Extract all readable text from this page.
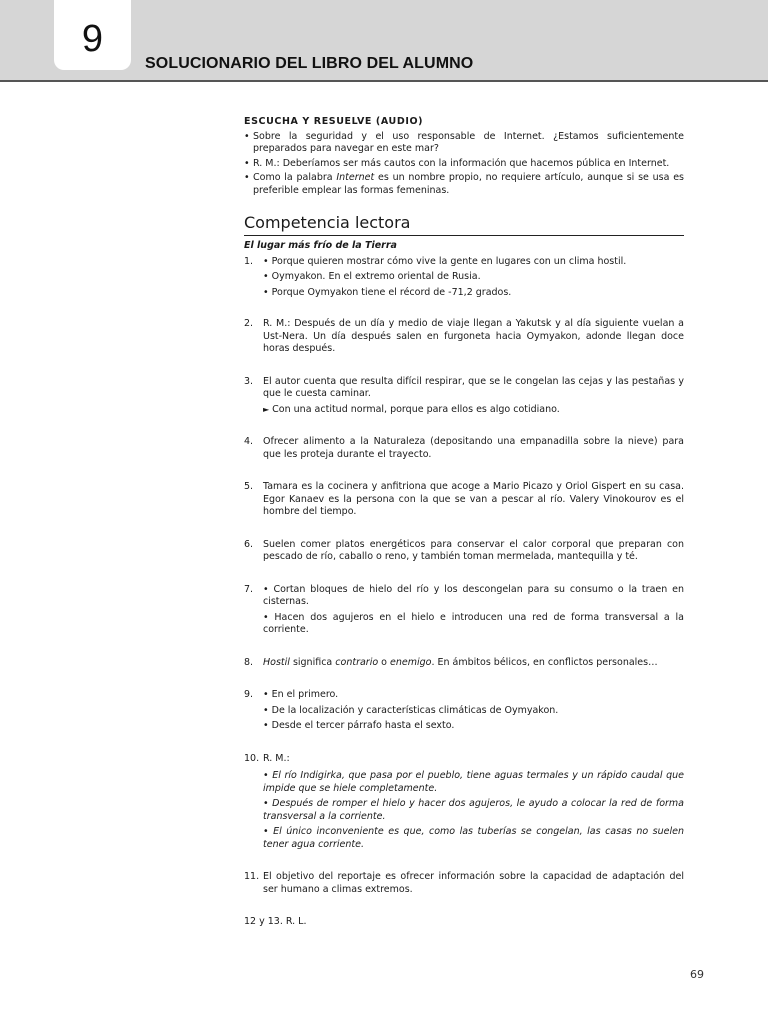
9
SOLUCIONARIO DEL LIBRO DEL ALUMNO
ESCUCHA Y RESUELVE (AUDIO)
• Sobre la seguridad y el uso responsable de Internet. ¿Estamos suficientemente preparados para navegar en este mar?
• R. M.: Deberíamos ser más cautos con la información que hacemos pública en Internet.
• Como la palabra Internet es un nombre propio, no requiere artículo, aunque si se usa es preferible emplear las formas femeninas.
Competencia lectora
El lugar más frío de la Tierra
1.	• Porque quieren mostrar cómo vive la gente en lugares con un clima hostil.
• Oymyakon. En el extremo oriental de Rusia.
• Porque Oymyakon tiene el récord de -71,2 grados.
2.	R. M.: Después de un día y medio de viaje llegan a Yakutsk y al día siguiente vuelan a Ust-Nera. Un día después salen en furgoneta hacia Oymyakon, adonde llegan doce horas después.
3.	El autor cuenta que resulta difícil respirar, que se le congelan las cejas y las pestañas y que le cuesta caminar.
► Con una actitud normal, porque para ellos es algo cotidiano.
4.	Ofrecer alimento a la Naturaleza (depositando una empanadilla sobre la nieve) para que les proteja durante el trayecto.
5.	Tamara es la cocinera y anfitriona que acoge a Mario Picazo y Oriol Gispert en su casa. Egor Kanaev es la persona con la que se van a pescar al río. Valery Vinokourov es el hombre del tiempo.
6.	Suelen comer platos energéticos para conservar el calor corporal que preparan con pescado de río, caballo o reno, y también toman mermelada, mantequilla y té.
7.	• Cortan bloques de hielo del río y los descongelan para su consumo o la traen en cisternas.
• Hacen dos agujeros en el hielo e introducen una red de forma transversal a la corriente.
8.	Hostil significa contrario o enemigo. En ámbitos bélicos, en conflictos personales…
9.	• En el primero.
• De la localización y características climáticas de Oymyakon.
• Desde el tercer párrafo hasta el sexto.
10. R. M.:
• El río Indigirka, que pasa por el pueblo, tiene aguas termales y un rápido caudal que impide que se hiele completamente.
• Después de romper el hielo y hacer dos agujeros, le ayudo a colocar la red de forma transversal a la corriente.
• El único inconveniente es que, como las tuberías se congelan, las casas no suelen tener agua corriente.
11. El objetivo del reportaje es ofrecer información sobre la capacidad de adaptación del ser humano a climas extremos.
12 y 13. R. L.
69
